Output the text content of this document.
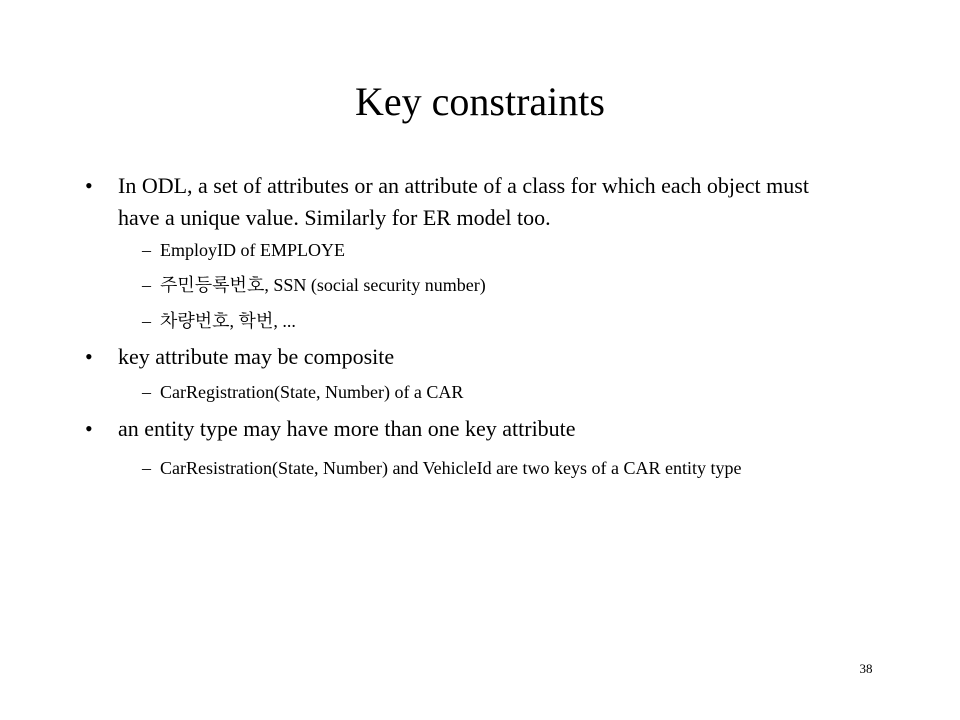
Key constraints
• In ODL, a set of attributes or an attribute of a class for which each object must have a unique value. Similarly for ER model too.
– EmployID of EMPLOYE
– 주민등록번호, SSN (social security number)
– 차량번호, 학번, ...
• key attribute may be composite
– CarRegistration(State, Number) of a CAR
• an entity type may have more than one key attribute
– CarResistration(State, Number) and VehicleId are two keys of a CAR entity type
38
